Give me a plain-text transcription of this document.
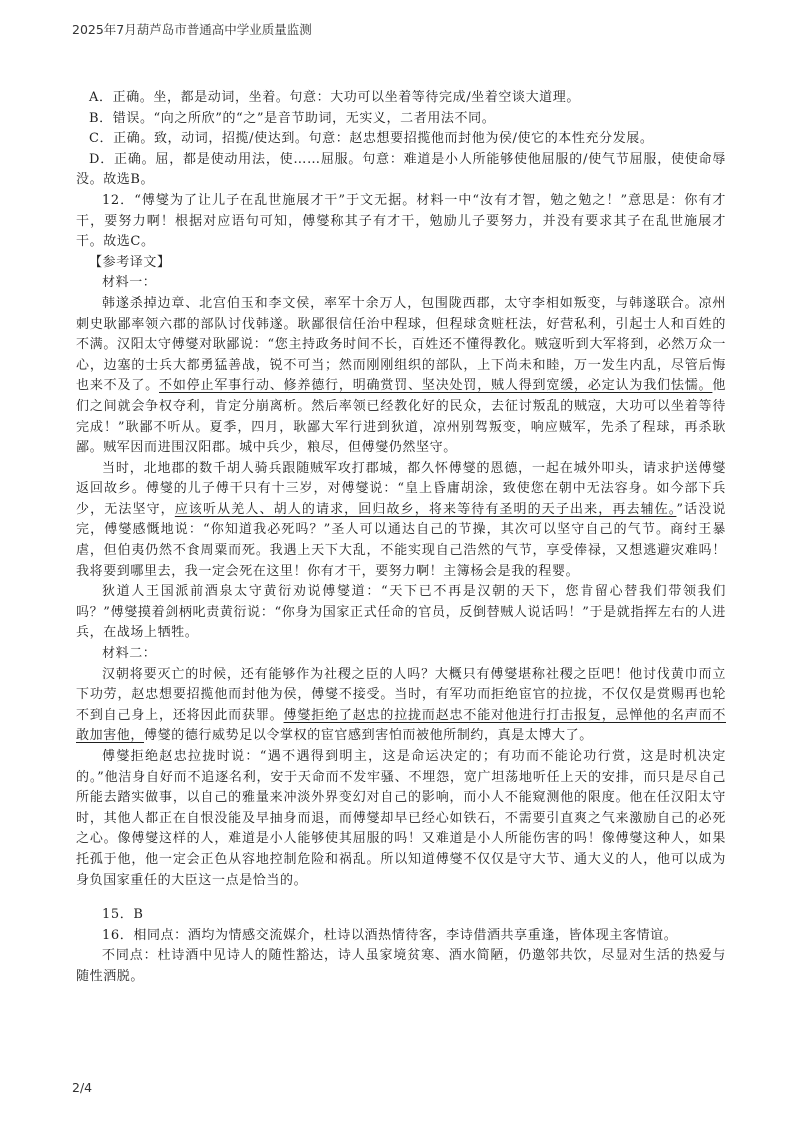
2025年7月葫芦岛市普通高中学业质量监测

A．正确。坐，都是动词，坐着。句意：大功可以坐着等待完成/坐着空谈大道理。

B．错误。“向之所欣”的“之”是音节助词，无实义，二者用法不同。

C．正确。致，动词，招揽/使达到。句意：赵忠想要招揽他而封他为侯/使它的本性充分发展。

D．正确。屈，都是使动用法，使……屈服。句意：难道是小人所能够使他屈服的/使气节屈服，使使命辱没。故选B。

12．“傅燮为了让儿子在乱世施展才干”于文无据。材料一中“汝有才智，勉之勉之！”意思是：你有才干，要努力啊！根据对应语句可知，傅燮称其子有才干，勉励儿子要努力，并没有要求其子在乱世施展才干。故选C。

【参考译文】

材料一：

韩遂杀掉边章、北宫伯玉和李文侯，率军十余万人，包围陇西郡，太守李相如叛变，与韩遂联合。凉州刺史耿鄙率领六郡的部队讨伐韩遂。耿鄙很信任治中程球，但程球贪赃枉法，好营私利，引起士人和百姓的不满。汉阳太守傅燮对耿鄙说：“您主持政务时间不长，百姓还不懂得教化。贼寇听到大军将到，必然万众一心，边塞的士兵大都勇猛善战，锐不可当；然而刚刚组织的部队，上下尚未和睦，万一发生内乱，尽管后悔也来不及了。不如停止军事行动、修养德行，明确赏罚、坚决处罚，贼人得到宽缓，必定认为我们怯懦。他们之间就会争权夺利，肯定分崩离析。然后率领已经教化好的民众，去征讨叛乱的贼寇，大功可以坐着等待完成！”耿鄙不听从。夏季，四月，耿鄙大军行进到狄道，凉州别驾叛变，响应贼军，先杀了程球，再杀耿鄙。贼军因而进围汉阳郡。城中兵少，粮尽，但傅燮仍然坚守。

当时，北地郡的数千胡人骑兵跟随贼军攻打郡城，都久怀傅燮的恩德，一起在城外叩头，请求护送傅燮返回故乡。傅燮的儿子傅干只有十三岁，对傅燮说：“皇上昏庸胡涂，致使您在朝中无法容身。如今部下兵少，无法坚守，应该听从羌人、胡人的请求，回归故乡，将来等待有圣明的天子出来，再去辅佐。”话没说完，傅燮感慨地说：“你知道我必死吗？”圣人可以通达自己的节操，其次可以坚守自己的气节。商纣王暴虐，但伯夷仍然不食周粟而死。我遇上天下大乱，不能实现自己浩然的气节，享受俸禄，又想逃避灾难吗！我将要到哪里去，我一定会死在这里！你有才干，要努力啊！主簿杨会是我的程婴。

狄道人王国派前酒泉太守黄衍劝说傅燮道：“天下已不再是汉朝的天下，您肯留心替我们带领我们吗？”傅燮摸着剑柄叱责黄衍说：“你身为国家正式任命的官员，反倒替贼人说话吗！”于是就指挥左右的人进兵，在战场上牺牲。

材料二：

汉朝将要灭亡的时候，还有能够作为社稷之臣的人吗？大概只有傅燮堪称社稷之臣吧！他讨伐黄巾而立下功劳，赵忠想要招揽他而封他为侯，傅燮不接受。当时，有军功而拒绝宦官的拉拢，不仅仅是赏赐再也轮不到自己身上，还将因此而获罪。傅燮拒绝了赵忠的拉拢而赵忠不能对他进行打击报复，忌惮他的名声而不敢加害他，傅燮的德行威势足以令掌权的宦官感到害怕而被他所制约，真是太博大了。

傅燮拒绝赵忠拉拢时说：“遇不遇得到明主，这是命运决定的；有功而不能论功行赏，这是时机决定的。”他洁身自好而不追逐名利，安于天命而不发牢骚、不埋怨，宽广坦荡地听任上天的安排，而只是尽自己所能去踏实做事，以自己的雅量来冲淡外界变幻对自己的影响，而小人不能窥测他的限度。他在任汉阳太守时，其他人都正在自恨没能及早抽身而退，而傅燮却早已经心如铁石，不需要引直爽之气来激励自己的必死之心。像傅燮这样的人，难道是小人能够使其屈服的吗！又难道是小人所能伤害的吗！像傅燮这种人，如果托孤于他，他一定会正色从容地控制危险和祸乱。所以知道傅燮不仅仅是守大节、通大义的人，他可以成为身负国家重任的大臣这一点是恰当的。

15．B

16．相同点：酒均为情感交流媒介，杜诗以酒热情待客，李诗借酒共享重逢，皆体现主客情谊。

不同点：杜诗酒中见诗人的随性豁达，诗人虽家境贫寒、酒水简陋，仍邀邻共饮，尽显对生活的热爱与随性洒脱。

2/4
